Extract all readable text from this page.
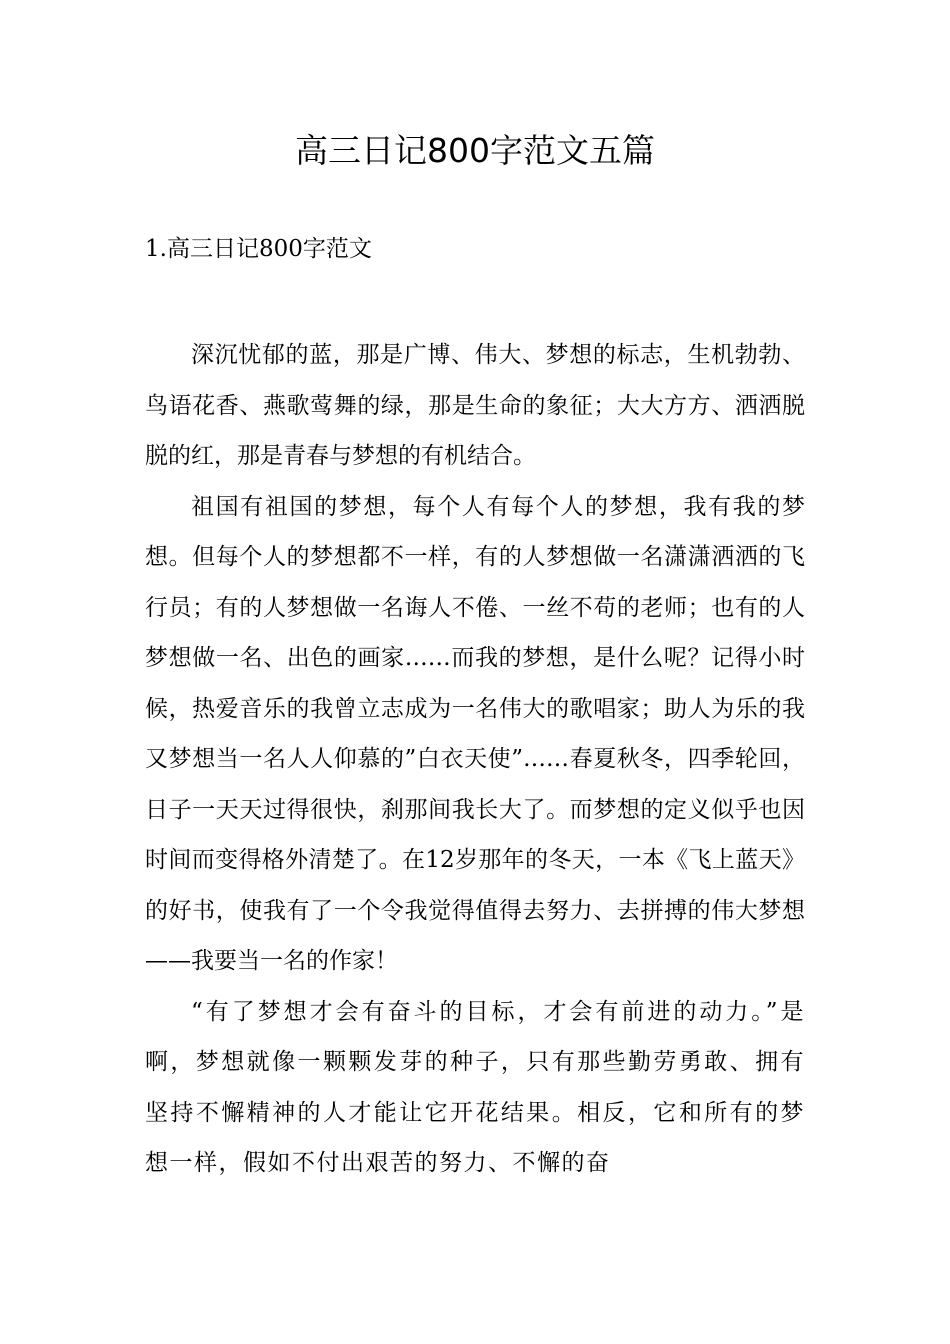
高三日记800字范文五篇
1.高三日记800字范文

深沉忧郁的蓝，那是广博、伟大、梦想的标志，生机勃勃、鸟语花香、燕歌莺舞的绿，那是生命的象征；大大方方、洒洒脱脱的红，那是青春与梦想的有机结合。

祖国有祖国的梦想，每个人有每个人的梦想，我有我的梦想。但每个人的梦想都不一样，有的人梦想做一名潇潇洒洒的飞行员；有的人梦想做一名诲人不倦、一丝不苟的老师；也有的人梦想做一名、出色的画家……而我的梦想，是什么呢？记得小时候，热爱音乐的我曾立志成为一名伟大的歌唱家；助人为乐的我又梦想当一名人人仰慕的”白衣天使”……春夏秋冬，四季轮回，日子一天天过得很快，刹那间我长大了。而梦想的定义似乎也因时间而变得格外清楚了。在12岁那年的冬天，一本《飞上蓝天》的好书，使我有了一个令我觉得值得去努力、去拼搏的伟大梦想——我要当一名的作家！

“有了梦想才会有奋斗的目标，才会有前进的动力。”是啊，梦想就像一颗颗发芽的种子，只有那些勤劳勇敢、拥有坚持不懈精神的人才能让它开花结果。相反，它和所有的梦想一样，假如不付出艰苦的努力、不懈的奋
